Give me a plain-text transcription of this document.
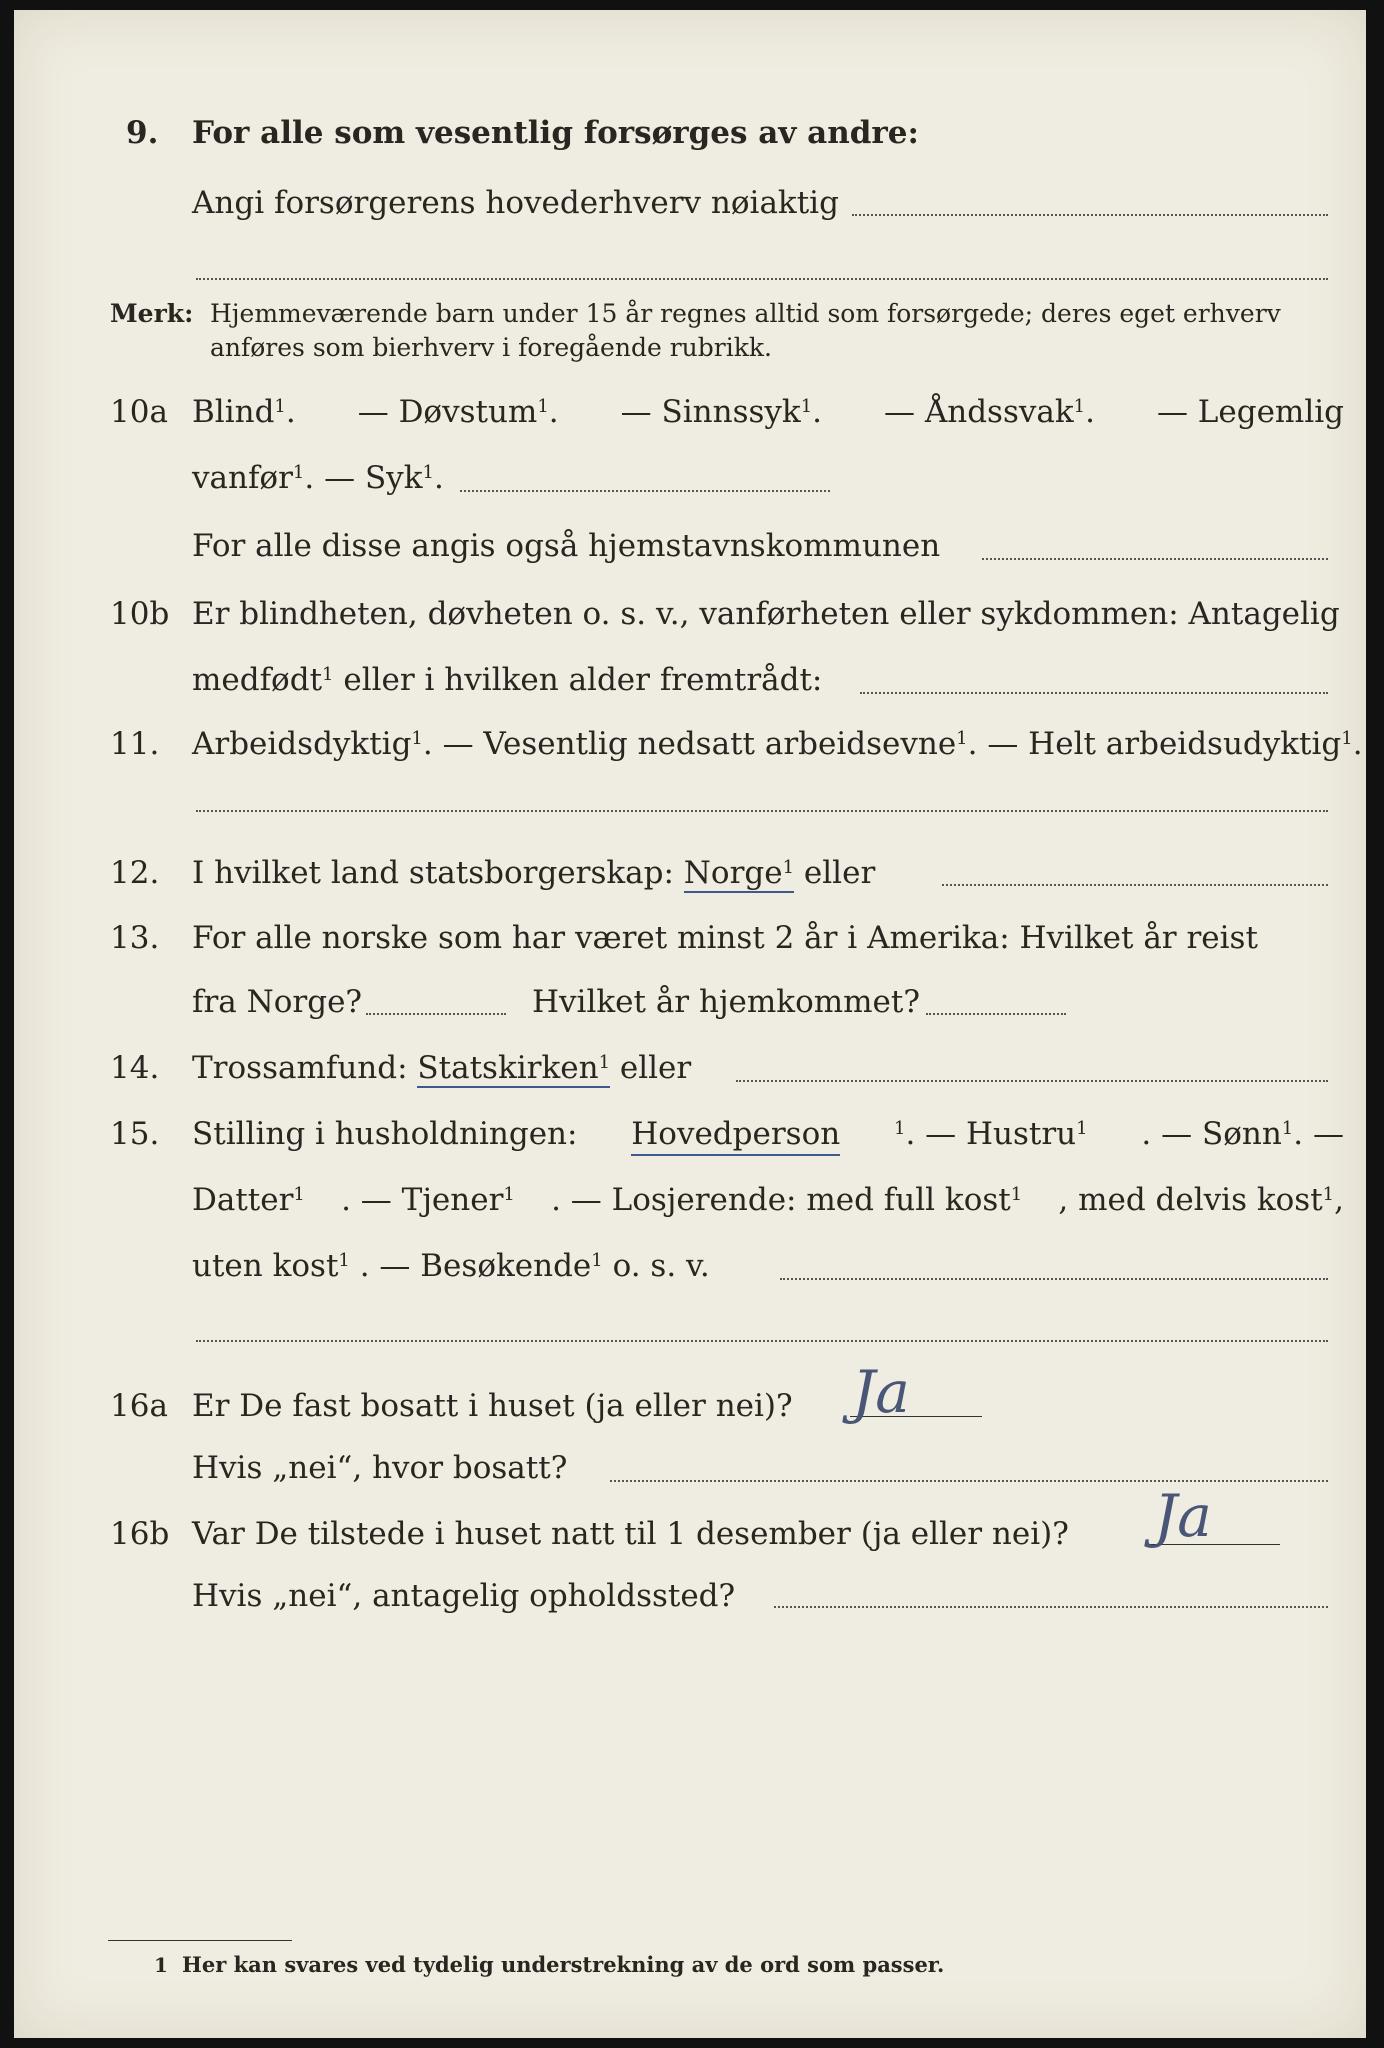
9. For alle som vesentlig forsørges av andre:
Angi forsørgerens hovederhverv nøiaktig
Merk: Hjemmeværende barn under 15 år regnes alltid som forsørgede; deres eget erhverv
anføres som bierhverv i foregående rubrikk.
10a Blind$^1$. — Døvstum$^1$. — Sinnssyk$^1$. — Åndssvak$^1$. — Legemlig
vanfør$^1$. — Syk$^1$.
For alle disse angis også hjemstavnskommunen
10b Er blindheten, døvheten o. s. v., vanførheten eller sykdommen: Antagelig
medfødt$^1$ eller i hvilken alder fremtrådt:
11. Arbeidsdyktig$^1$. — Vesentlig nedsatt arbeidsevne$^1$. — Helt arbeidsudyktig$^1$.
12. I hvilket land statsborgerskap: Norge$^1$ eller
13. For alle norske som har været minst 2 år i Amerika: Hvilket år reist
fra Norge?	Hvilket år hjemkommet?
14. Trossamfund: Statskirken$^1$ eller
15. Stilling i husholdningen: Hovedperson	$^1$. — Hustru$^1$ . — Sønn$^1$. —
Datter$^1$ . — Tjener$^1$ . — Losjerende: med full kost$^1$ , med delvis kost$^1$,
uten kost$^1$ . — Besøkende$^1$ o. s. v.
16a Er De fast bosatt i huset (ja eller nei)? Ja
Hvis „nei“, hvor bosatt?
16b Var De tilstede i huset natt til 1 desember (ja eller nei)? Ja
Hvis „nei“, antagelig opholdssted?
1 Her kan svares ved tydelig understrekning av de ord som passer.
